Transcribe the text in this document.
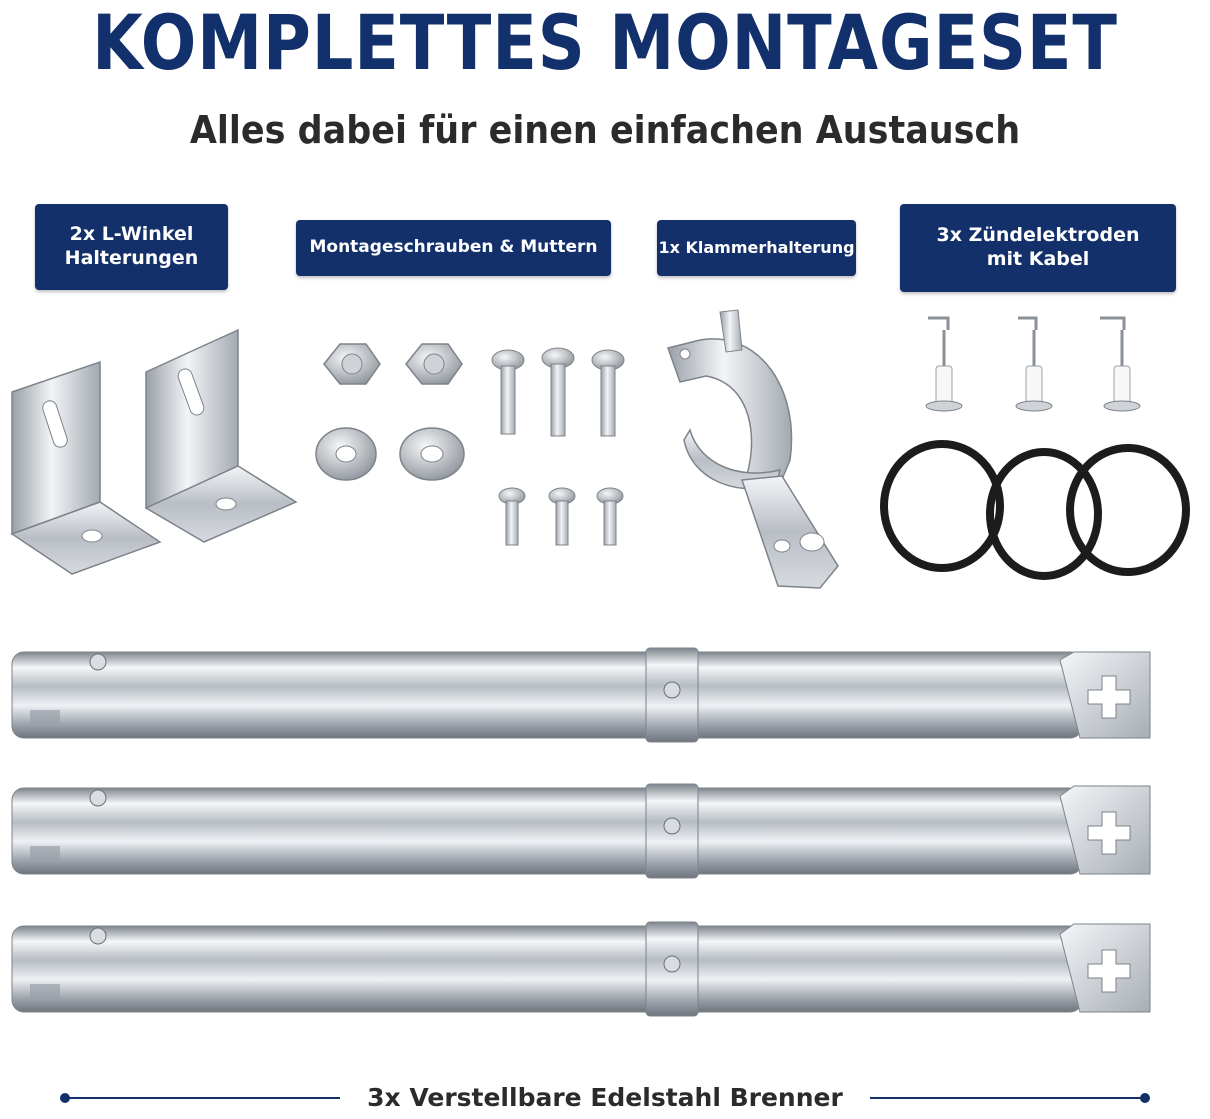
KOMPLETTES MONTAGESET
Alles dabei für einen einfachen Austausch
2x L-Winkel
Halterungen	Montageschrauben & Muttern	1x Klammerhalterung
3x Zündelektroden
mit Kabel
3x Verstellbare Edelstahl Brenner
